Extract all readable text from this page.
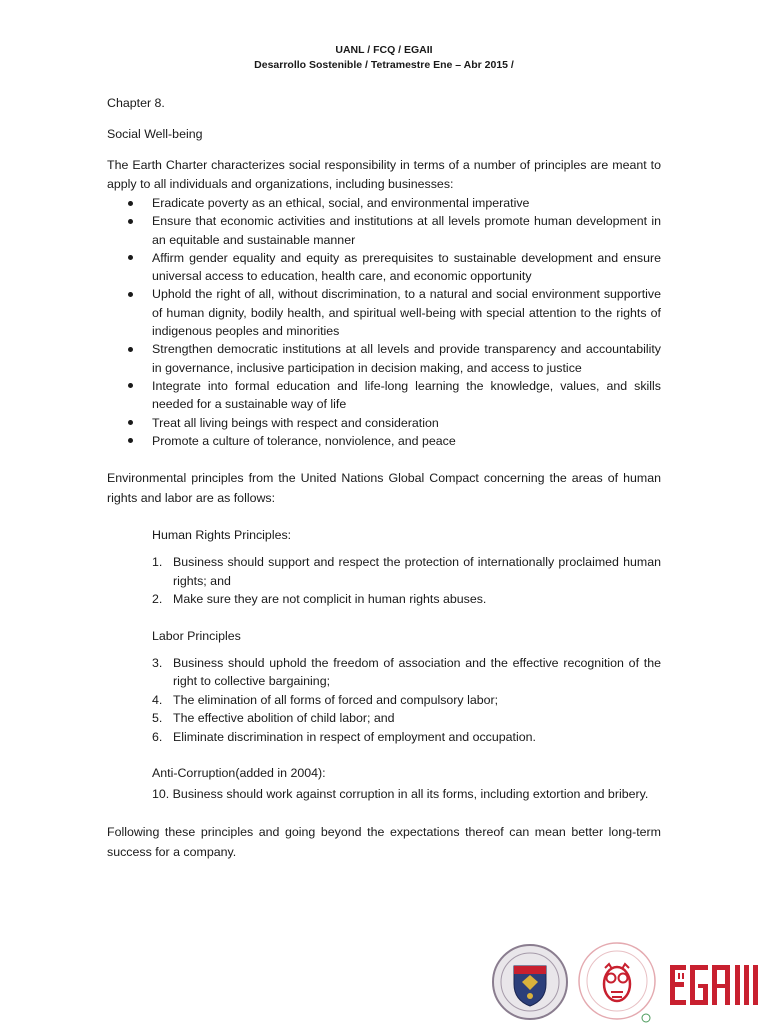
UANL / FCQ / EGAII
Desarrollo Sostenible / Tetramestre Ene – Abr 2015 /

Chapter 8.

Social Well-being

The Earth Charter characterizes social responsibility in terms of a number of principles are meant to apply to all individuals and organizations, including businesses:

Eradicate poverty as an ethical, social, and environmental imperative
Ensure that economic activities and institutions at all levels promote human development in an equitable and sustainable manner
Affirm gender equality and equity as prerequisites to sustainable development and ensure universal access to education, health care, and economic opportunity
Uphold the right of all, without discrimination, to a natural and social environment supportive of human dignity, bodily health, and spiritual well-being with special attention to the rights of indigenous peoples and minorities
Strengthen democratic institutions at all levels and provide transparency and accountability in governance, inclusive participation in decision making, and access to justice
Integrate into formal education and life-long learning the knowledge, values, and skills needed for a sustainable way of life
Treat all living beings with respect and consideration
Promote a culture of tolerance, nonviolence, and peace

Environmental principles from the United Nations Global Compact concerning the areas of human rights and labor are as follows:

Human Rights Principles:

1. Business should support and respect the protection of internationally proclaimed human rights; and
2. Make sure they are not complicit in human rights abuses.

Labor Principles

3. Business should uphold the freedom of association and the effective recognition of the right to collective bargaining;
4. The elimination of all forms of forced and compulsory labor;
5. The effective abolition of child labor; and
6. Eliminate discrimination in respect of employment and occupation.

Anti-Corruption(added in 2004):

10. Business should work against corruption in all its forms, including extortion and bribery.

Following these principles and going beyond the expectations thereof can mean better long-term success for a company.

EGAII
